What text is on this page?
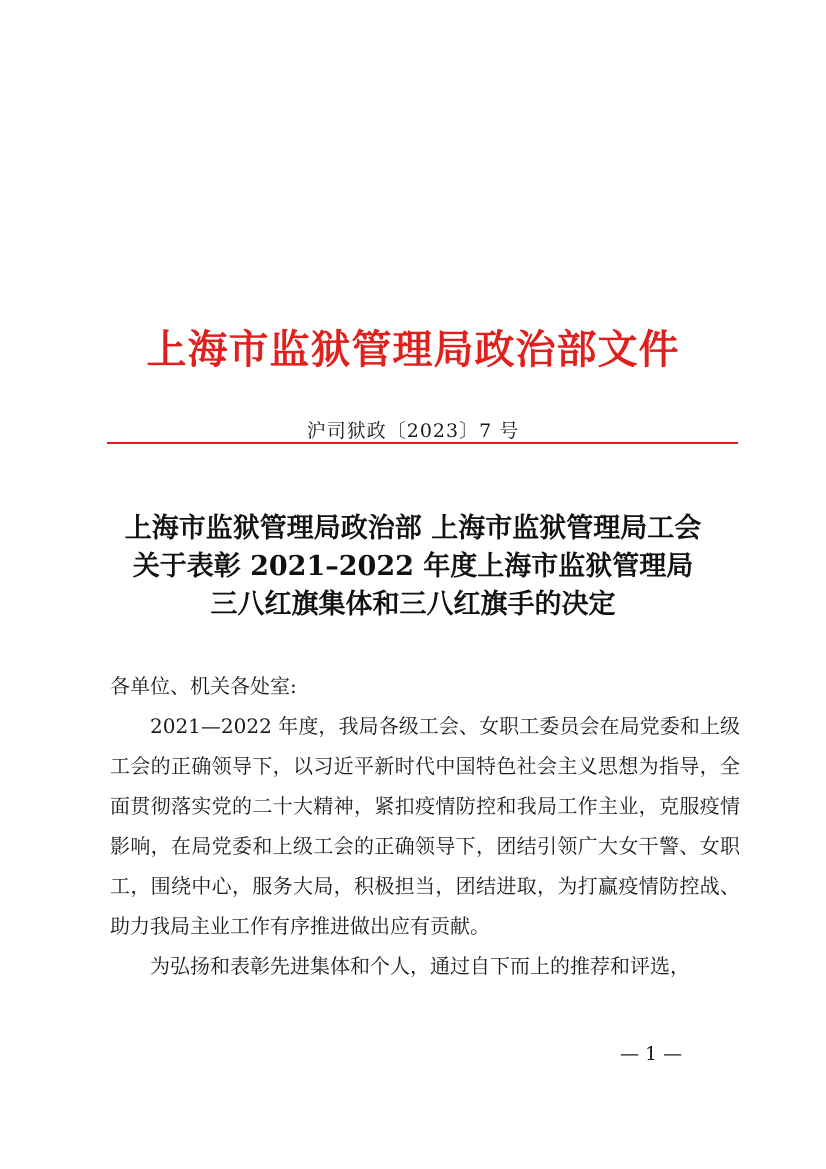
上海市监狱管理局政治部文件
沪司狱政〔2023〕7 号
上海市监狱管理局政治部 上海市监狱管理局工会
关于表彰 2021–2022 年度上海市监狱管理局
三八红旗集体和三八红旗手的决定

各单位、机关各处室:

2021—2022 年度，我局各级工会、女职工委员会在局党委和上级工会的正确领导下，以习近平新时代中国特色社会主义思想为指导，全面贯彻落实党的二十大精神，紧扣疫情防控和我局工作主业，克服疫情影响，在局党委和上级工会的正确领导下，团结引领广大女干警、女职工，围绕中心，服务大局，积极担当，团结进取，为打赢疫情防控战、助力我局主业工作有序推进做出应有贡献。

为弘扬和表彰先进集体和个人，通过自下而上的推荐和评选，

— 1 —
